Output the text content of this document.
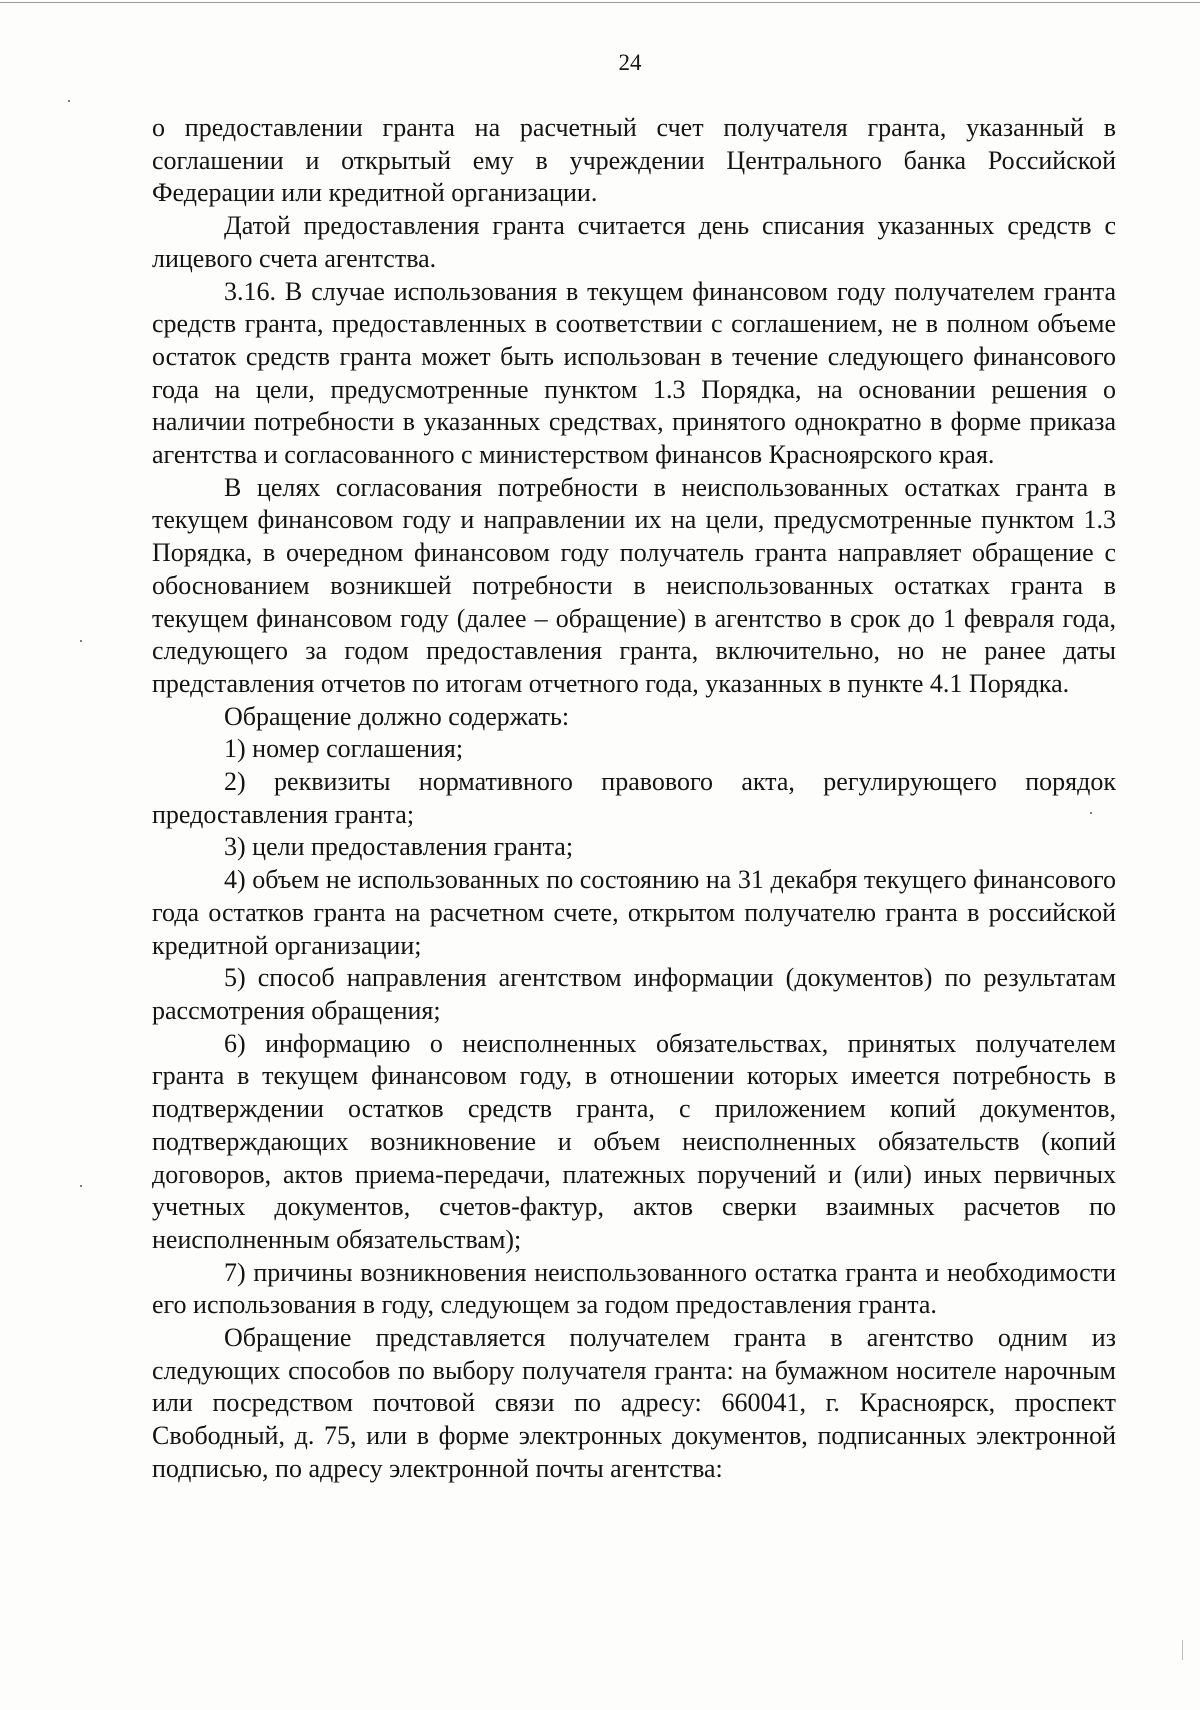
24

о предоставлении гранта на расчетный счет получателя гранта, указанный в соглашении и открытый ему в учреждении Центрального банка Российской Федерации или кредитной организации.

Датой предоставления гранта считается день списания указанных средств с лицевого счета агентства.

3.16. В случае использования в текущем финансовом году получателем гранта средств гранта, предоставленных в соответствии с соглашением, не в полном объеме остаток средств гранта может быть использован в течение следующего финансового года на цели, предусмотренные пунктом 1.3 Порядка, на основании решения о наличии потребности в указанных средствах, принятого однократно в форме приказа агентства и согласованного с министерством финансов Красноярского края.

В целях согласования потребности в неиспользованных остатках гранта в текущем финансовом году и направлении их на цели, предусмотренные пунктом 1.3 Порядка, в очередном финансовом году получатель гранта направляет обращение с обоснованием возникшей потребности в неиспользованных остатках гранта в текущем финансовом году (далее – обращение) в агентство в срок до 1 февраля года, следующего за годом предоставления гранта, включительно, но не ранее даты представления отчетов по итогам отчетного года, указанных в пункте 4.1 Порядка.

Обращение должно содержать:

1) номер соглашения;

2) реквизиты нормативного правового акта, регулирующего порядок предоставления гранта;

3) цели предоставления гранта;

4) объем не использованных по состоянию на 31 декабря текущего финансового года остатков гранта на расчетном счете, открытом получателю гранта в российской кредитной организации;

5) способ направления агентством информации (документов) по результатам рассмотрения обращения;

6) информацию о неисполненных обязательствах, принятых получателем гранта в текущем финансовом году, в отношении которых имеется потребность в подтверждении остатков средств гранта, с приложением копий документов, подтверждающих возникновение и объем неисполненных обязательств (копий договоров, актов приема-передачи, платежных поручений и (или) иных первичных учетных документов, счетов-фактур, актов сверки взаимных расчетов по неисполненным обязательствам);

7) причины возникновения неиспользованного остатка гранта и необходимости его использования в году, следующем за годом предоставления гранта.

Обращение представляется получателем гранта в агентство одним из следующих способов по выбору получателя гранта: на бумажном носителе нарочным или посредством почтовой связи по адресу: 660041, г. Красноярск, проспект Свободный, д. 75, или в форме электронных документов, подписанных электронной подписью, по адресу электронной почты агентства:
